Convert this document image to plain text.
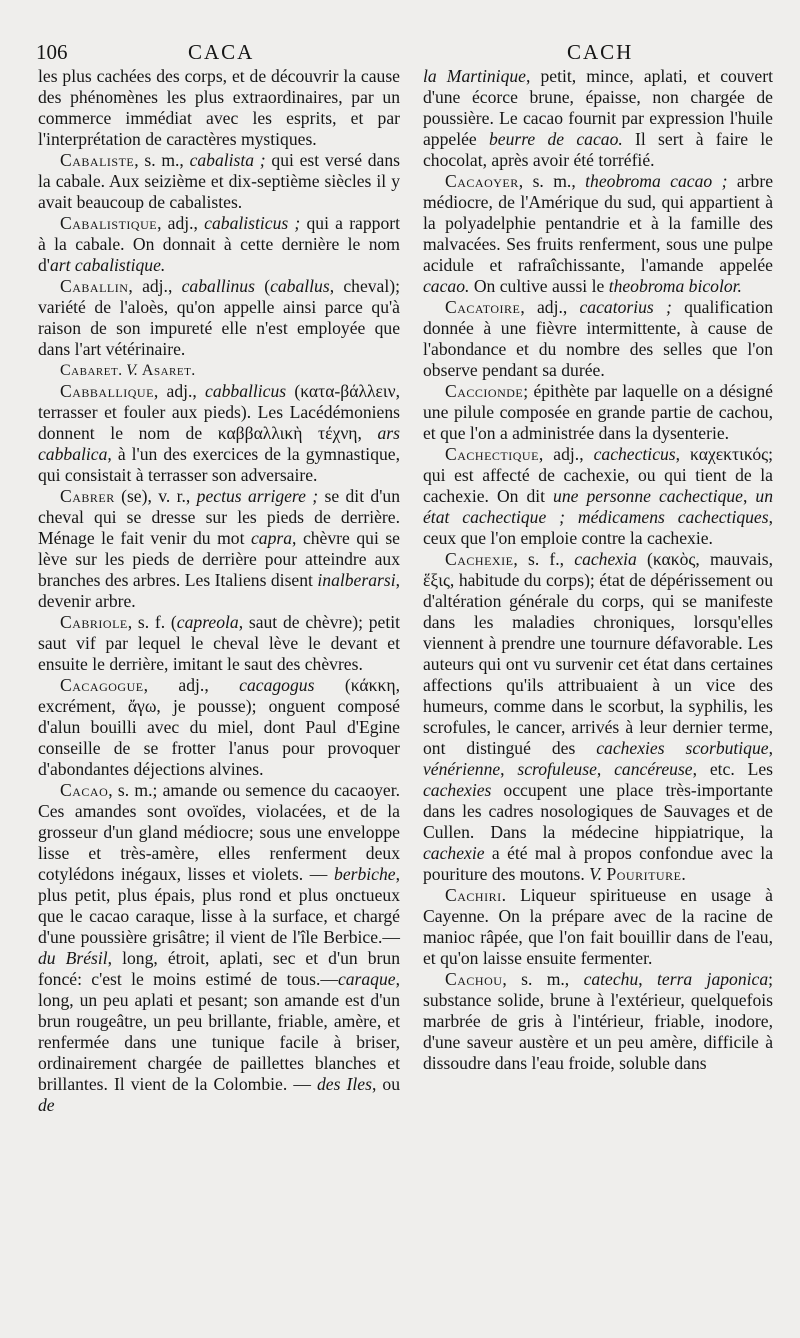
106	CACA	CACH

les plus cachées des corps, et de découvrir la cause des phénomènes les plus extraordinaires, par un commerce immédiat avec les esprits, et par l'interprétation de caractères mystiques.

Cabaliste, s. m., cabalista ; qui est versé dans la cabale. Aux seizième et dix-septième siècles il y avait beaucoup de cabalistes.

Cabalistique, adj., cabalisticus ; qui a rapport à la cabale. On donnait à cette dernière le nom d'art cabalistique.

Caballin, adj., caballinus (caballus, cheval); variété de l'aloès, qu'on appelle ainsi parce qu'à raison de son impureté elle n'est employée que dans l'art vétérinaire.

Cabaret. V. Asaret.

Cabballique, adj., cabballicus (κατα-βάλλειν, terrasser et fouler aux pieds). Les Lacédémoniens donnent le nom de καββαλλικὴ τέχνη, ars cabbalica, à l'un des exercices de la gymnastique, qui consistait à terrasser son adversaire.

Cabrer (se), v. r., pectus arrigere ; se dit d'un cheval qui se dresse sur les pieds de derrière. Ménage le fait venir du mot capra, chèvre qui se lève sur les pieds de derrière pour atteindre aux branches des arbres. Les Italiens disent inalberarsi, devenir arbre.

Cabriole, s. f. (capreola, saut de chèvre); petit saut vif par lequel le cheval lève le devant et ensuite le derrière, imitant le saut des chèvres.

Cacagogue, adj., cacagogus (κάκκη, excrément, ἄγω, je pousse); onguent composé d'alun bouilli avec du miel, dont Paul d'Egine conseille de se frotter l'anus pour provoquer d'abondantes déjections alvines.

Cacao, s. m.; amande ou semence du cacaoyer. Ces amandes sont ovoïdes, violacées, et de la grosseur d'un gland médiocre; sous une enveloppe lisse et très-amère, elles renferment deux cotylédons inégaux, lisses et violets. — berbiche, plus petit, plus épais, plus rond et plus onctueux que le cacao caraque, lisse à la surface, et chargé d'une poussière grisâtre; il vient de l'île Berbice.— du Brésil, long, étroit, aplati, sec et d'un brun foncé: c'est le moins estimé de tous.—caraque, long, un peu aplati et pesant; son amande est d'un brun rougeâtre, un peu brillante, friable, amère, et renfermée dans une tunique facile à briser, ordinairement chargée de paillettes blanches et brillantes. Il vient de la Colombie. — des Iles, ou de

la Martinique, petit, mince, aplati, et couvert d'une écorce brune, épaisse, non chargée de poussière. Le cacao fournit par expression l'huile appelée beurre de cacao. Il sert à faire le chocolat, après avoir été torréfié.

Cacaoyer, s. m., theobroma cacao ; arbre médiocre, de l'Amérique du sud, qui appartient à la polyadelphie pentandrie et à la famille des malvacées. Ses fruits renferment, sous une pulpe acidule et rafraîchissante, l'amande appelée cacao. On cultive aussi le theobroma bicolor.

Cacatoire, adj., cacatorius ; qualification donnée à une fièvre intermittente, à cause de l'abondance et du nombre des selles que l'on observe pendant sa durée.

Caccionde; épithète par laquelle on a désigné une pilule composée en grande partie de cachou, et que l'on a administrée dans la dysenterie.

Cachectique, adj., cachecticus, καχεκτικός; qui est affecté de cachexie, ou qui tient de la cachexie. On dit une personne cachectique, un état cachectique ; médicamens cachectiques, ceux que l'on emploie contre la cachexie.

Cachexie, s. f., cachexia (κακὸς, mauvais, ἕξις, habitude du corps); état de dépérissement ou d'altération générale du corps, qui se manifeste dans les maladies chroniques, lorsqu'elles viennent à prendre une tournure défavorable. Les auteurs qui ont vu survenir cet état dans certaines affections qu'ils attribuaient à un vice des humeurs, comme dans le scorbut, la syphilis, les scrofules, le cancer, arrivés à leur dernier terme, ont distingué des cachexies scorbutique, vénérienne, scrofuleuse, cancéreuse, etc. Les cachexies occupent une place très-importante dans les cadres nosologiques de Sauvages et de Cullen. Dans la médecine hippiatrique, la cachexie a été mal à propos confondue avec la pouriture des moutons. V. Pouriture.

Cachiri. Liqueur spiritueuse en usage à Cayenne. On la prépare avec de la racine de manioc râpée, que l'on fait bouillir dans de l'eau, et qu'on laisse ensuite fermenter.

Cachou, s. m., catechu, terra japonica; substance solide, brune à l'extérieur, quelquefois marbrée de gris à l'intérieur, friable, inodore, d'une saveur austère et un peu amère, difficile à dissoudre dans l'eau froide, soluble dans
